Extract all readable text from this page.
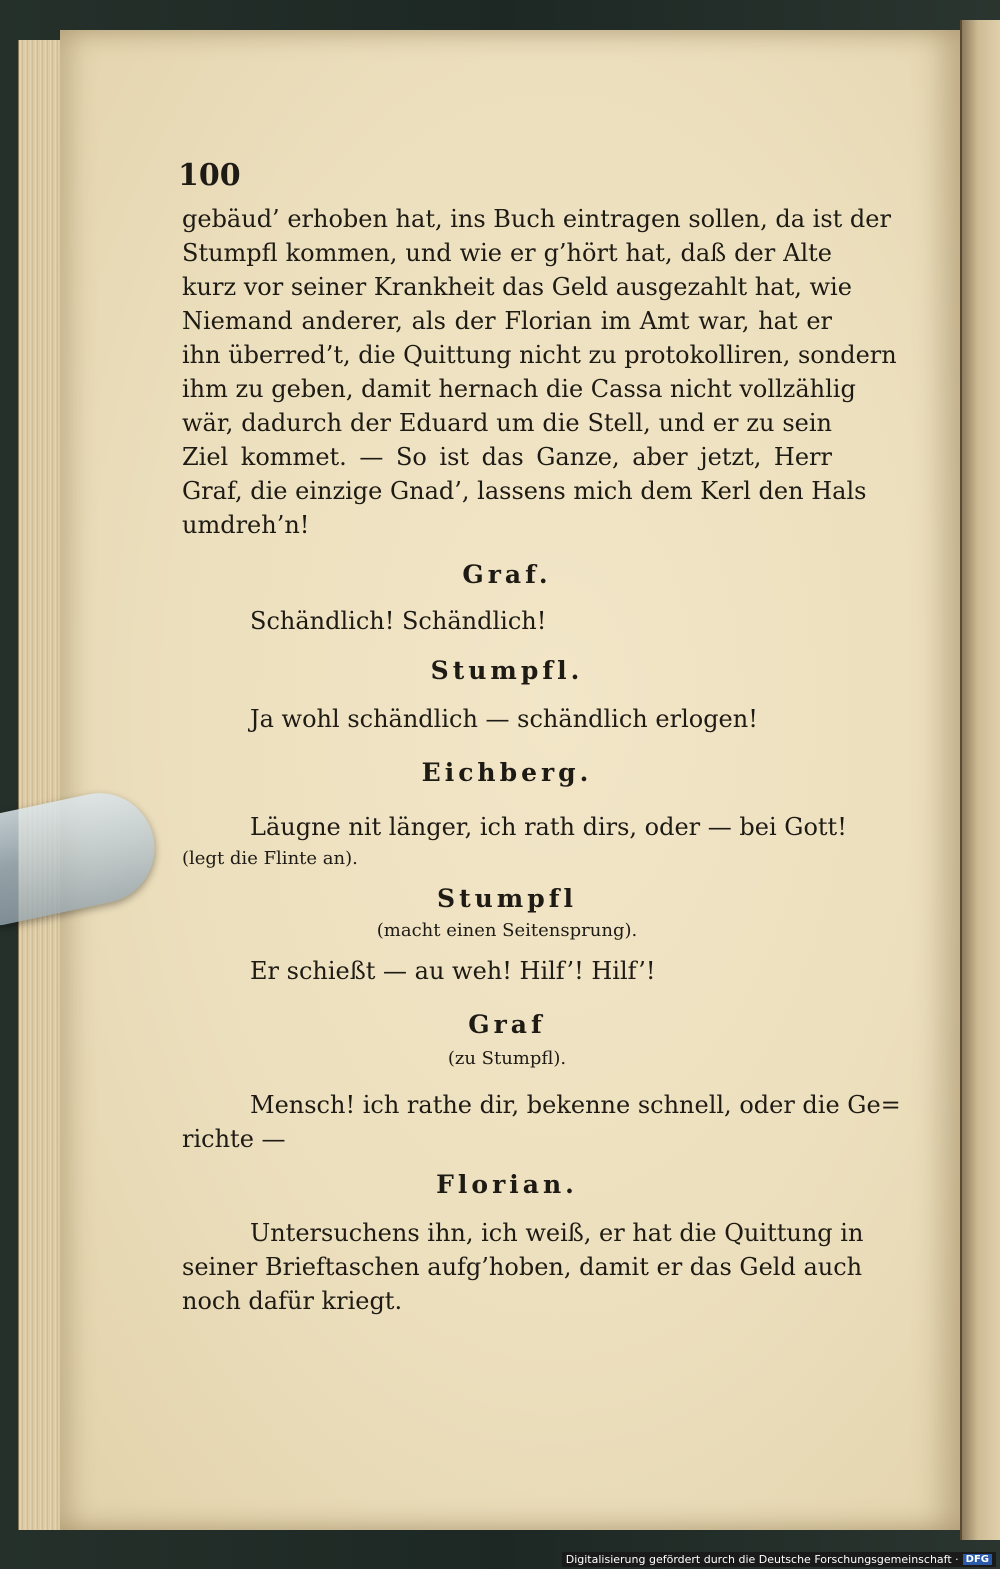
100
gebäud’ erhoben hat, ins Buch eintragen sollen, da ist der
Stumpfl kommen, und wie er g’hört hat, daß der Alte
kurz vor seiner Krankheit das Geld ausgezahlt hat, wie
Niemand anderer, als der Florian im Amt war, hat er
ihn überred’t, die Quittung nicht zu protokolliren, sondern
ihm zu geben, damit hernach die Cassa nicht vollzählig
wär, dadurch der Eduard um die Stell, und er zu sein
Ziel kommet. — So ist das Ganze, aber jetzt, Herr
Graf, die einzige Gnad’, lassens mich dem Kerl den Hals
umdreh’n!
Graf.
Schändlich! Schändlich!
Stumpfl.
Ja wohl schändlich — schändlich erlogen!
Eichberg.
Läugne nit länger, ich rath dirs, oder — bei Gott!
(legt die Flinte an).
Stumpfl
(macht einen Seitensprung).
Er schießt — au weh! Hilf’! Hilf’!
Graf
(zu Stumpfl).
Mensch! ich rathe dir, bekenne schnell, oder die Ge=
richte —
Florian.
Untersuchens ihn, ich weiß, er hat die Quittung in
seiner Brieftaschen aufg’hoben, damit er das Geld auch
noch dafür kriegt.
Digitalisierung gefördert durch die Deutsche Forschungsgemeinschaft · DFG
